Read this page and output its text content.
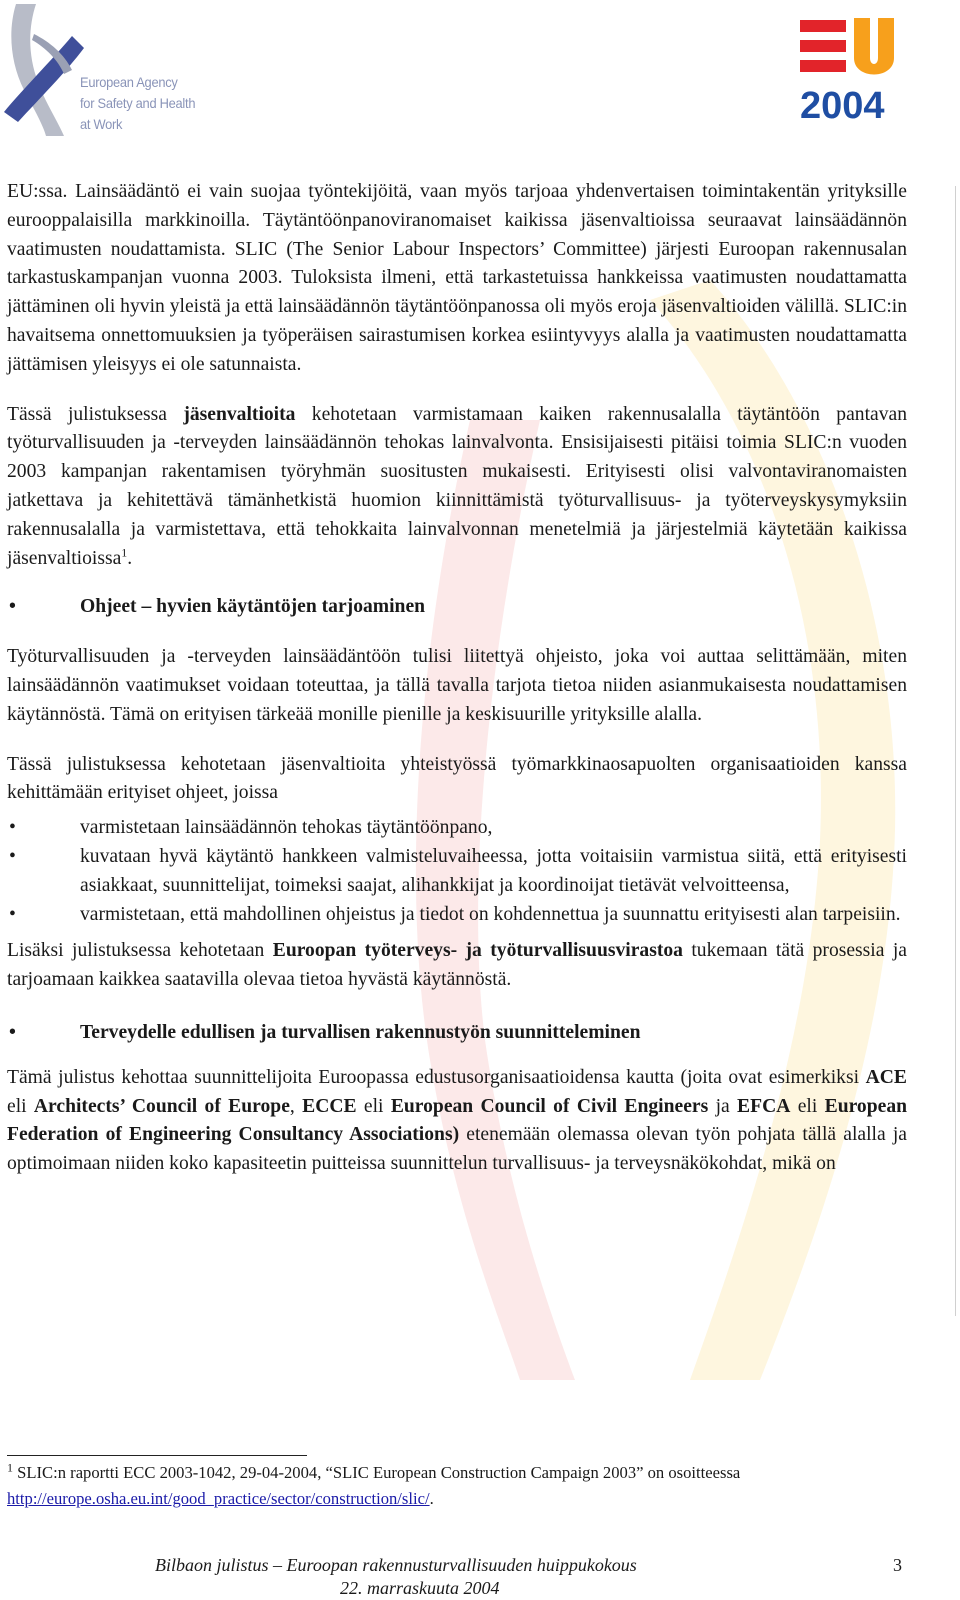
European Agency
for Safety and Health
at Work	2004

EU:ssa. Lainsäädäntö ei vain suojaa työntekijöitä, vaan myös tarjoaa yhdenvertaisen toimintakentän yrityksille eurooppalaisilla markkinoilla. Täytäntöönpanoviranomaiset kaikissa jäsenvaltioissa seuraavat lainsäädännön vaatimusten noudattamista. SLIC (The Senior Labour Inspectors’ Committee) järjesti Euroopan rakennusalan tarkastuskampanjan vuonna 2003. Tuloksista ilmeni, että tarkastetuissa hankkeissa vaatimusten noudattamatta jättäminen oli hyvin yleistä ja että lainsäädännön täytäntöönpanossa oli myös eroja jäsenvaltioiden välillä. SLIC:in havaitsema onnettomuuksien ja työperäisen sairastumisen korkea esiintyvyys alalla ja vaatimusten noudattamatta jättämisen yleisyys ei ole satunnaista.

Tässä julistuksessa jäsenvaltioita kehotetaan varmistamaan kaiken rakennusalalla täytäntöön pantavan työturvallisuuden ja -terveyden lainsäädännön tehokas lainvalvonta. Ensisijaisesti pitäisi toimia SLIC:n vuoden 2003 kampanjan rakentamisen työryhmän suositusten mukaisesti. Erityisesti olisi valvontaviranomaisten jatkettava ja kehitettävä tämänhetkistä huomion kiinnittämistä työturvallisuus- ja työterveyskysymyksiin rakennusalalla ja varmistettava, että tehokkaita lainvalvonnan menetelmiä ja järjestelmiä käytetään kaikissa jäsenvaltioissa$^1$.

•	Ohjeet – hyvien käytäntöjen tarjoaminen

Työturvallisuuden ja -terveyden lainsäädäntöön tulisi liitettyä ohjeisto, joka voi auttaa selittämään, miten lainsäädännön vaatimukset voidaan toteuttaa, ja tällä tavalla tarjota tietoa niiden asianmukaisesta noudattamisen käytännöstä. Tämä on erityisen tärkeää monille pienille ja keskisuurille yrityksille alalla.

Tässä julistuksessa kehotetaan jäsenvaltioita yhteistyössä työmarkkinaosapuolten organisaatioiden kanssa kehittämään erityiset ohjeet, joissa

•	varmistetaan lainsäädännön tehokas täytäntöönpano,
•	kuvataan hyvä käytäntö hankkeen valmisteluvaiheessa, jotta voitaisiin varmistua siitä, että erityisesti asiakkaat, suunnittelijat, toimeksi saajat, alihankkijat ja koordinoijat tietävät velvoitteensa,
•	varmistetaan, että mahdollinen ohjeistus ja tiedot on kohdennettua ja suunnattu erityisesti alan tarpeisiin.

Lisäksi julistuksessa kehotetaan Euroopan työterveys- ja työturvallisuusvirastoa tukemaan tätä prosessia ja tarjoamaan kaikkea saatavilla olevaa tietoa hyvästä käytännöstä.

•	Terveydelle edullisen ja turvallisen rakennustyön suunnitteleminen

Tämä julistus kehottaa suunnittelijoita Euroopassa edustusorganisaatioidensa kautta (joita ovat esimerkiksi ACE eli Architects’ Council of Europe, ECCE eli European Council of Civil Engineers ja EFCA eli European Federation of Engineering Consultancy Associations) etenemään olemassa olevan työn pohjata tällä alalla ja optimoimaan niiden koko kapasiteetin puitteissa suunnittelun turvallisuus- ja terveysnäkökohdat, mikä on

$^1$ SLIC:n raportti ECC 2003-1042, 29-04-2004, “SLIC European Construction Campaign 2003” on osoitteessa http://europe.osha.eu.int/good_practice/sector/construction/slic/.
Bilbaon julistus – Euroopan rakennusturvallisuuden huippukokous	3
22. marraskuuta 2004
